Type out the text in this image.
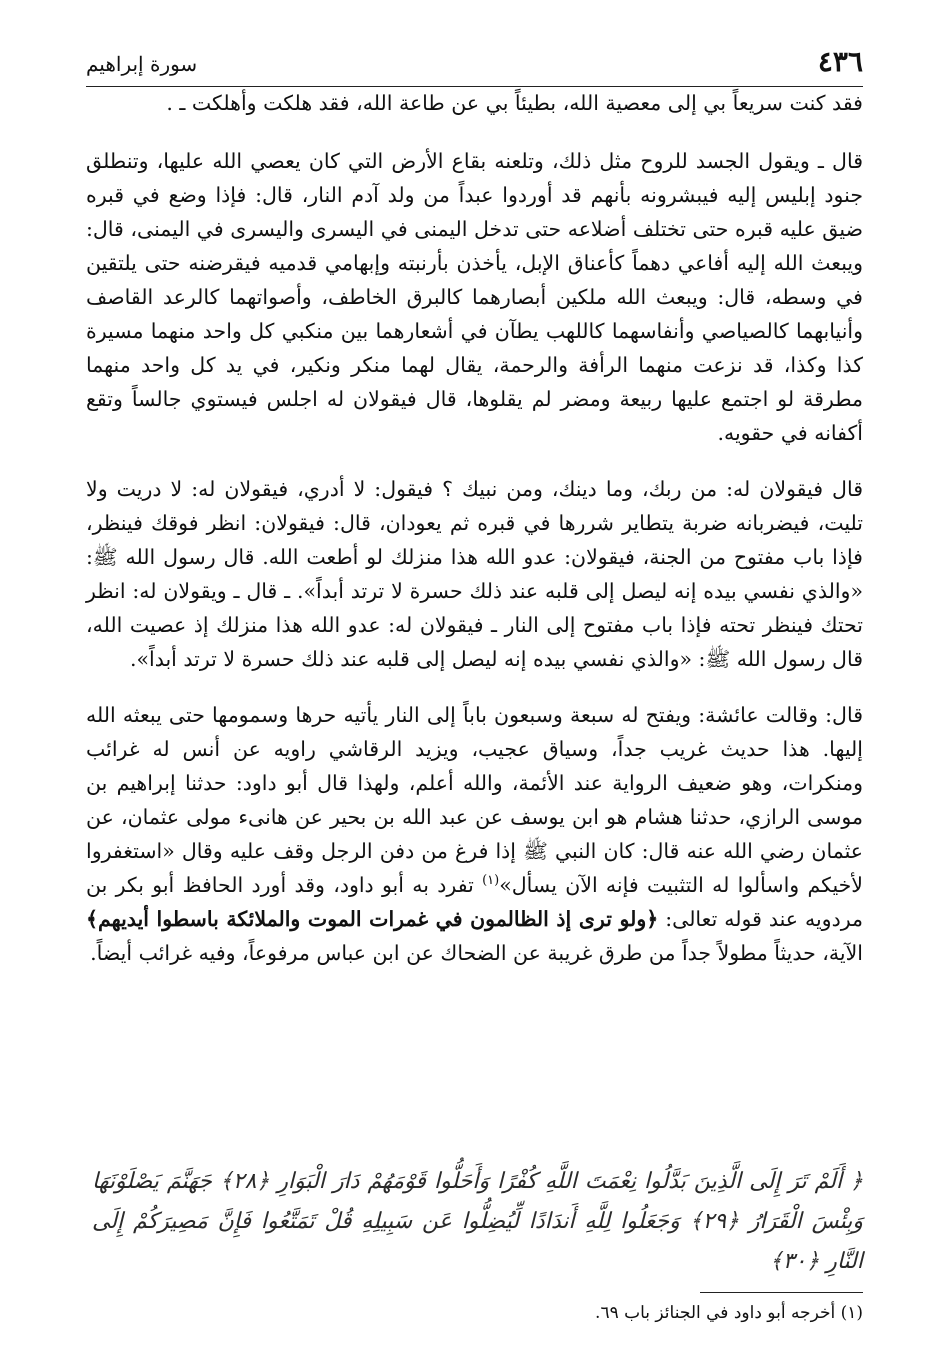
٤٣٦
سورة إبراهيم

فقد كنت سريعاً بي إلى معصية الله، بطيئاً بي عن طاعة الله، فقد هلكت وأهلكت ـ .

قال ـ ويقول الجسد للروح مثل ذلك، وتلعنه بقاع الأرض التي كان يعصي الله عليها، وتنطلق جنود إبليس إليه فيبشرونه بأنهم قد أوردوا عبداً من ولد آدم النار، قال: فإذا وضع في قبره ضيق عليه قبره حتى تختلف أضلاعه حتى تدخل اليمنى في اليسرى واليسرى في اليمنى، قال: ويبعث الله إليه أفاعي دهماً كأعناق الإبل، يأخذن بأرنبته وإبهامي قدميه فيقرضنه حتى يلتقين في وسطه، قال: ويبعث الله ملكين أبصارهما كالبرق الخاطف، وأصواتهما كالرعد القاصف وأنيابهما كالصياصي وأنفاسهما كاللهب يطآن في أشعارهما بين منكبي كل واحد منهما مسيرة كذا وكذا، قد نزعت منهما الرأفة والرحمة، يقال لهما منكر ونكير، في يد كل واحد منهما مطرقة لو اجتمع عليها ربيعة ومضر لم يقلوها، قال فيقولان له اجلس فيستوي جالساً وتقع أكفانه في حقويه.

قال فيقولان له: من ربك، وما دينك، ومن نبيك ؟ فيقول: لا أدري، فيقولان له: لا دريت ولا تليت، فيضربانه ضربة يتطاير شررها في قبره ثم يعودان، قال: فيقولان: انظر فوقك فينظر، فإذا باب مفتوح من الجنة، فيقولان: عدو الله هذا منزلك لو أطعت الله. قال رسول الله ﷺ: «والذي نفسي بيده إنه ليصل إلى قلبه عند ذلك حسرة لا ترتد أبداً». ـ قال ـ ويقولان له: انظر تحتك فينظر تحته فإذا باب مفتوح إلى النار ـ فيقولان له: عدو الله هذا منزلك إذ عصيت الله، قال رسول الله ﷺ: «والذي نفسي بيده إنه ليصل إلى قلبه عند ذلك حسرة لا ترتد أبداً».

قال: وقالت عائشة: ويفتح له سبعة وسبعون باباً إلى النار يأتيه حرها وسمومها حتى يبعثه الله إليها. هذا حديث غريب جداً، وسياق عجيب، ويزيد الرقاشي راويه عن أنس له غرائب ومنكرات، وهو ضعيف الرواية عند الأئمة، والله أعلم، ولهذا قال أبو داود: حدثنا إبراهيم بن موسى الرازي، حدثنا هشام هو ابن يوسف عن عبد الله بن بحير عن هانىء مولى عثمان، عن عثمان رضي الله عنه قال: كان النبي ﷺ إذا فرغ من دفن الرجل وقف عليه وقال «استغفروا لأخيكم واسألوا له التثبيت فإنه الآن يسأل»$^{(١)}$ تفرد به أبو داود، وقد أورد الحافظ أبو بكر بن مردويه عند قوله تعالى: ﴿ولو ترى إذ الظالمون في غمرات الموت والملائكة باسطوا أيديهم﴾ الآية، حديثاً مطولاً جداً من طرق غريبة عن الضحاك عن ابن عباس مرفوعاً، وفيه غرائب أيضاً.

﴿ أَلَمْ تَرَ إِلَى الَّذِينَ بَدَّلُوا نِعْمَتَ اللَّهِ كُفْرًا وَأَحَلُّوا قَوْمَهُمْ دَارَ الْبَوَارِ ﴿٢٨﴾ جَهَنَّمَ يَصْلَوْنَهَا وَبِئْسَ الْقَرَارُ ﴿٢٩﴾ وَجَعَلُوا لِلَّهِ أَندَادًا لِّيُضِلُّوا عَن سَبِيلِهِ قُلْ تَمَتَّعُوا فَإِنَّ مَصِيرَكُمْ إِلَى النَّارِ ﴿٣٠﴾
(١) أخرجه أبو داود في الجنائز باب ٦٩.
